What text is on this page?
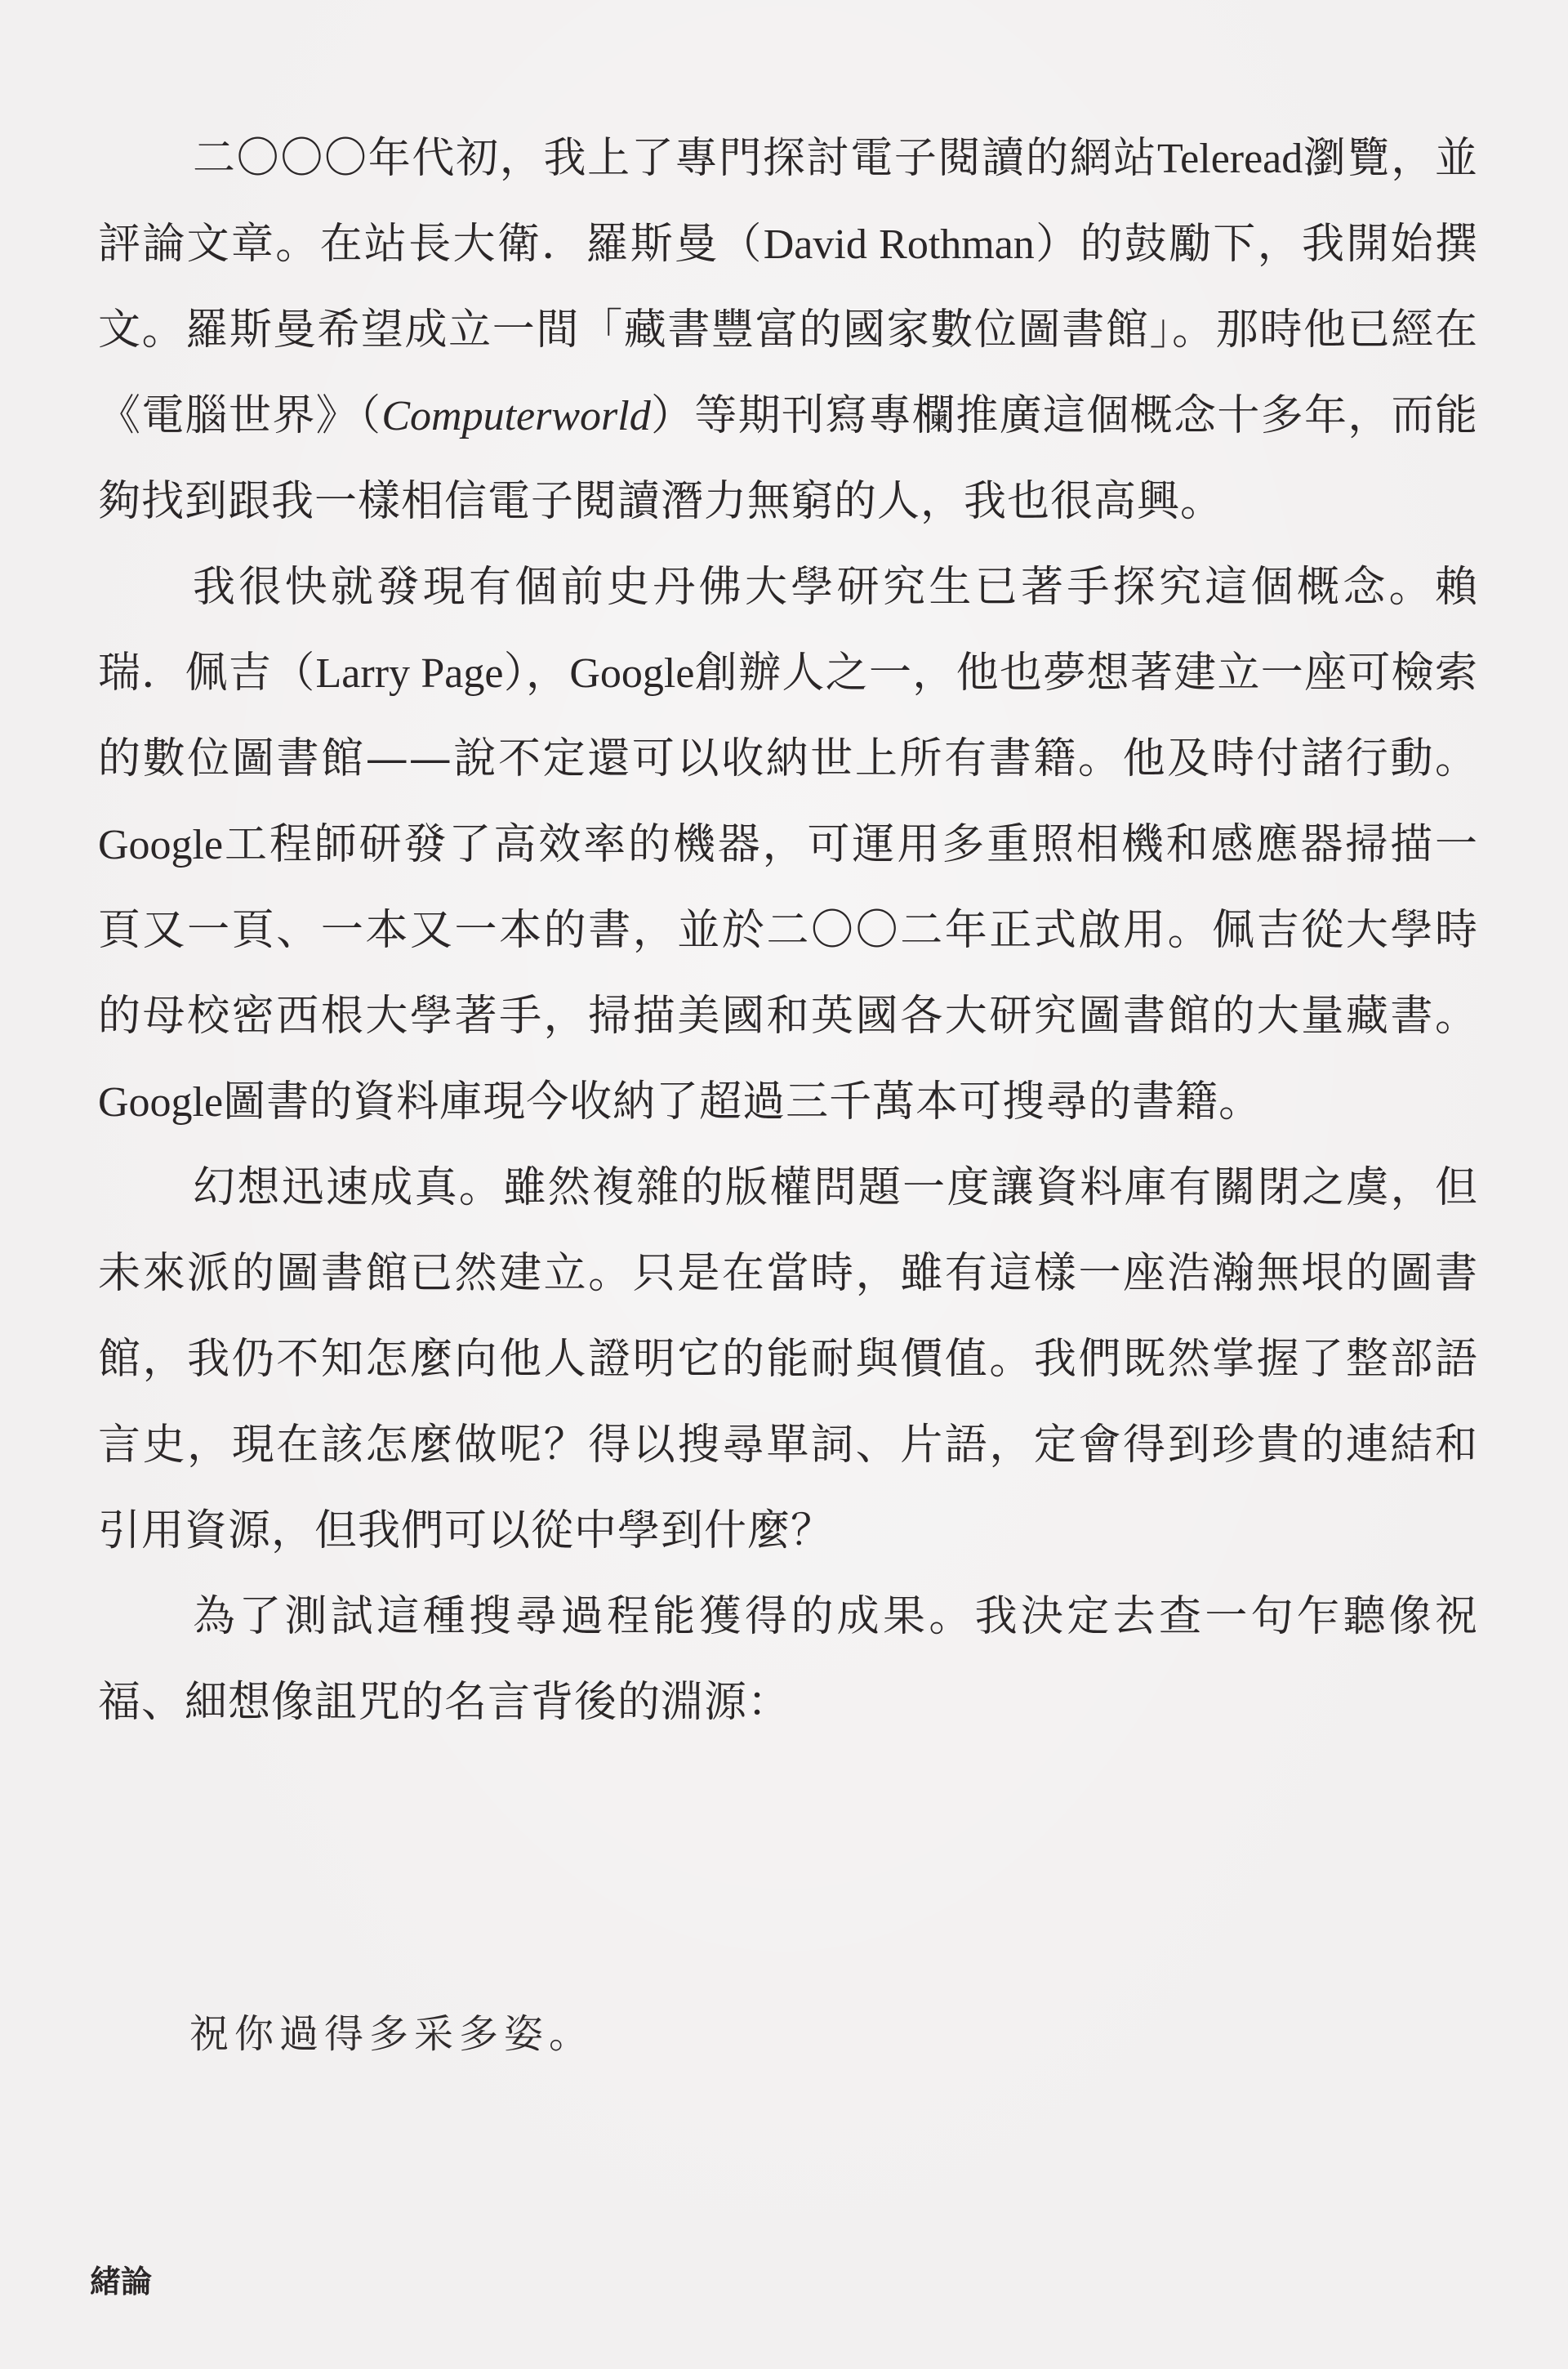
二〇〇〇年代初，我上了專門探討電子閱讀的網站Teleread瀏覽，並評論文章。在站長大衛．羅斯曼（David Rothman）的鼓勵下，我開始撰文。羅斯曼希望成立一間「藏書豐富的國家數位圖書館」。那時他已經在《電腦世界》（Computerworld）等期刊寫專欄推廣這個概念十多年，而能夠找到跟我一樣相信電子閱讀潛力無窮的人，我也很高興。

我很快就發現有個前史丹佛大學研究生已著手探究這個概念。賴瑞．佩吉（Larry Page），Google創辦人之一，他也夢想著建立一座可檢索的數位圖書館——說不定還可以收納世上所有書籍。他及時付諸行動。Google工程師研發了高效率的機器，可運用多重照相機和感應器掃描一頁又一頁、一本又一本的書，並於二〇〇二年正式啟用。佩吉從大學時的母校密西根大學著手，掃描美國和英國各大研究圖書館的大量藏書。Google圖書的資料庫現今收納了超過三千萬本可搜尋的書籍。

幻想迅速成真。雖然複雜的版權問題一度讓資料庫有關閉之虞，但未來派的圖書館已然建立。只是在當時，雖有這樣一座浩瀚無垠的圖書館，我仍不知怎麼向他人證明它的能耐與價值。我們既然掌握了整部語言史，現在該怎麼做呢？得以搜尋單詞、片語，定會得到珍貴的連結和引用資源，但我們可以從中學到什麼？

為了測試這種搜尋過程能獲得的成果。我決定去查一句乍聽像祝福、細想像詛咒的名言背後的淵源：

祝你過得多采多姿。
緒論
